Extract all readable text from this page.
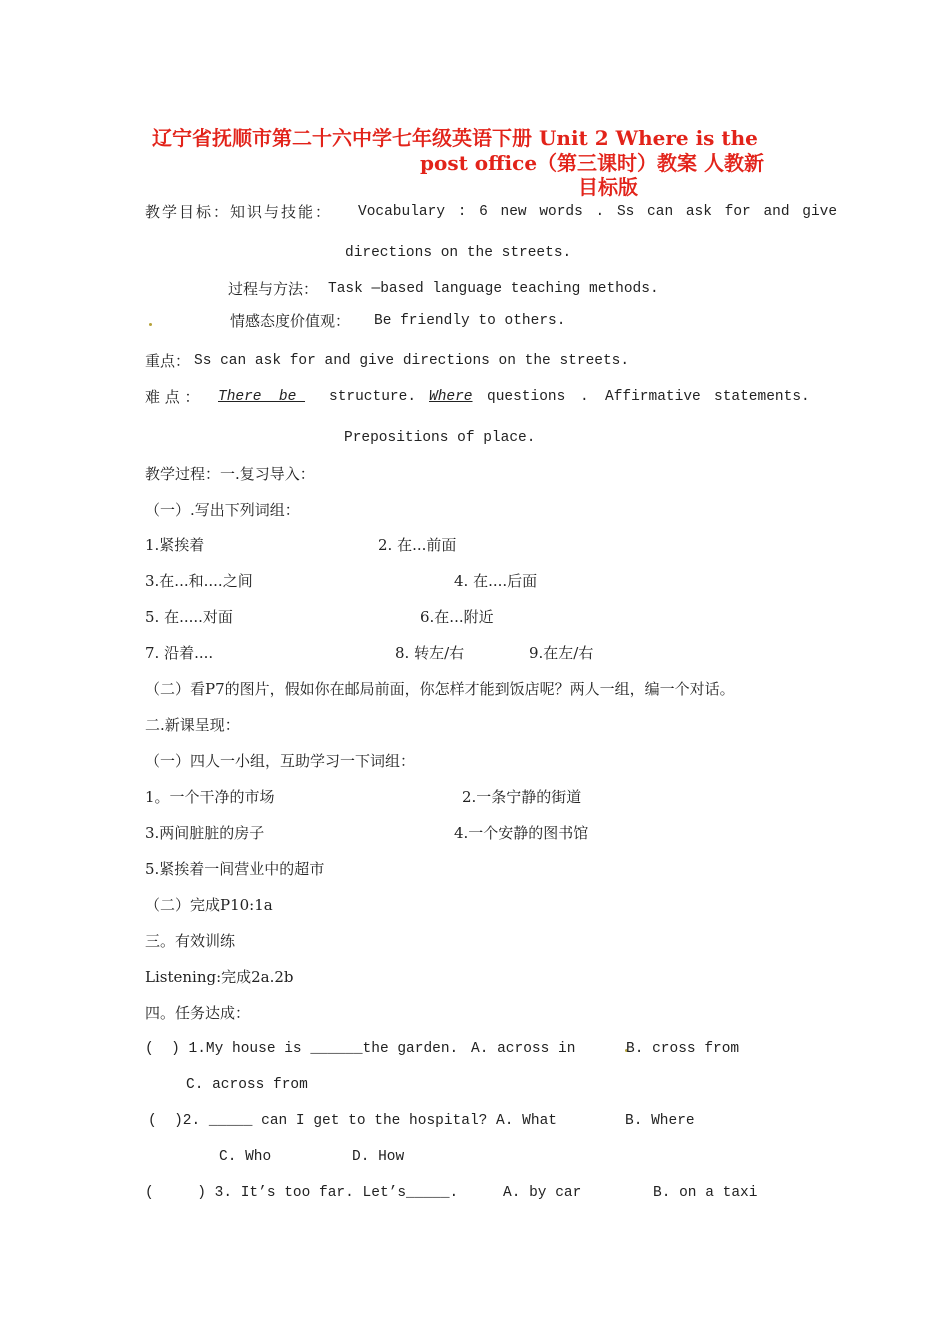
辽宁省抚顺市第二十六中学七年级英语下册 Unit 2 Where is the
post office（第三课时）教案 人教新
目标版
教学目标：知识与技能： Vocabulary : 6 new words . Ss can ask for and give
directions on the streets.
过程与方法： Task —based language teaching methods.
情感态度价值观： Be friendly to others.
重点： Ss can ask for and give directions on the streets.
难 点 ： There  be structure. Where questions . Affirmative statements.
Prepositions of place.
教学过程：一.复习导入：
（一）.写出下列词组：
1.紧挨着	2. 在...前面
3.在...和....之间	4. 在....后面
5. 在.....对面	6.在...附近
7. 沿着....	8. 转左/右	9.在左/右
（二）看P7的图片，假如你在邮局前面，你怎样才能到饭店呢？两人一组，编一个对话。
二.新课呈现：
（一）四人一小组，互助学习一下词组：
1。一个干净的市场	2.一条宁静的街道
3.两间脏脏的房子	4.一个安静的图书馆
5.紧挨着一间营业中的超市
（二）完成P10:1a
三。有效训练
Listening:完成2a.2b
四。任务达成：
(  ) 1.My house is ______the garden. A. across in	B. cross from
C. across from
(  )2. _____ can I get to the hospital? A. What	B. Where
C. Who	D. How
(     ) 3. It’s too far. Let’s_____.	A. by car	B. on a taxi
